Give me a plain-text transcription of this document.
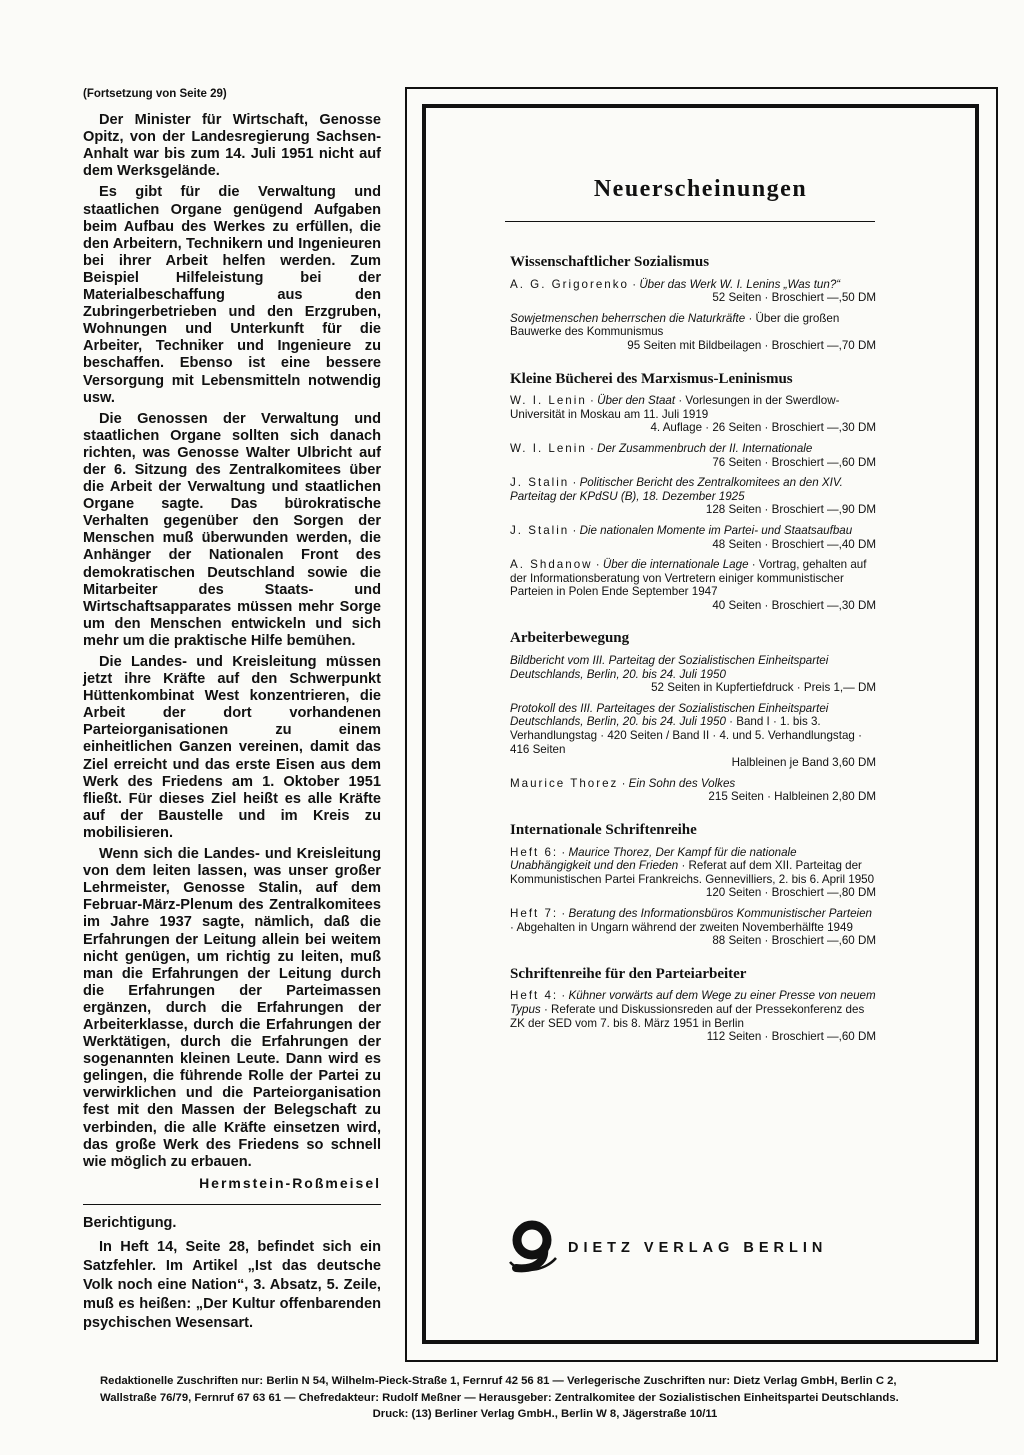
(Fortsetzung von Seite 29)

Der Minister für Wirtschaft, Genosse Opitz, von der Landesregierung Sachsen-Anhalt war bis zum 14. Juli 1951 nicht auf dem Werksgelände.

Es gibt für die Verwaltung und staatlichen Organe genügend Aufgaben beim Aufbau des Werkes zu erfüllen, die den Arbeitern, Technikern und Ingenieuren bei ihrer Arbeit helfen werden. Zum Beispiel Hilfeleistung bei der Materialbeschaffung aus den Zubringerbetrieben und den Erzgruben, Wohnungen und Unterkunft für die Arbeiter, Techniker und Ingenieure zu beschaffen. Ebenso ist eine bessere Versorgung mit Lebensmitteln notwendig usw.

Die Genossen der Verwaltung und staatlichen Organe sollten sich danach richten, was Genosse Walter Ulbricht auf der 6. Sitzung des Zentralkomitees über die Arbeit der Verwaltung und staatlichen Organe sagte. Das bürokratische Verhalten gegenüber den Sorgen der Menschen muß überwunden werden, die Anhänger der Nationalen Front des demokratischen Deutschland sowie die Mitarbeiter des Staats- und Wirtschaftsapparates müssen mehr Sorge um den Menschen entwickeln und sich mehr um die praktische Hilfe bemühen.

Die Landes- und Kreisleitung müssen jetzt ihre Kräfte auf den Schwerpunkt Hüttenkombinat West konzentrieren, die Arbeit der dort vorhandenen Parteiorganisationen zu einem einheitlichen Ganzen vereinen, damit das Ziel erreicht und das erste Eisen aus dem Werk des Friedens am 1. Oktober 1951 fließt. Für dieses Ziel heißt es alle Kräfte auf der Baustelle und im Kreis zu mobilisieren.

Wenn sich die Landes- und Kreisleitung von dem leiten lassen, was unser großer Lehrmeister, Genosse Stalin, auf dem Februar-März-Plenum des Zentralkomitees im Jahre 1937 sagte, nämlich, daß die Erfahrungen der Leitung allein bei weitem nicht genügen, um richtig zu leiten, muß man die Erfahrungen der Leitung durch die Erfahrungen der Parteimassen ergänzen, durch die Erfahrungen der Arbeiterklasse, durch die Erfahrungen der Werktätigen, durch die Erfahrungen der sogenannten kleinen Leute. Dann wird es gelingen, die führende Rolle der Partei zu verwirklichen und die Parteiorganisation fest mit den Massen der Belegschaft zu verbinden, die alle Kräfte einsetzen wird, das große Werk des Friedens so schnell wie möglich zu erbauen.

Hermstein-Roßmeisel
Berichtigung.

In Heft 14, Seite 28, befindet sich ein Satzfehler. Im Artikel „Ist das deutsche Volk noch eine Nation“, 3. Absatz, 5. Zeile, muß es heißen: „Der Kultur offenbarenden psychischen Wesensart.

Neuerscheinungen
Wissenschaftlicher Sozialismus
A. G. Grigorenko · Über das Werk W. I. Lenins „Was tun?“
52 Seiten · Broschiert —,50 DM
Sowjetmenschen beherrschen die Naturkräfte · Über die großen Bauwerke des Kommunismus
95 Seiten mit Bildbeilagen · Broschiert —,70 DM
Kleine Bücherei des Marxismus-Leninismus
W. I. Lenin · Über den Staat · Vorlesungen in der Swerdlow-Universität in Moskau am 11. Juli 1919
4. Auflage · 26 Seiten · Broschiert —,30 DM
W. I. Lenin · Der Zusammenbruch der II. Internationale
76 Seiten · Broschiert —,60 DM
J. Stalin · Politischer Bericht des Zentralkomitees an den XIV. Parteitag der KPdSU (B), 18. Dezember 1925
128 Seiten · Broschiert —,90 DM
J. Stalin · Die nationalen Momente im Partei- und Staatsaufbau
48 Seiten · Broschiert —,40 DM
A. Shdanow · Über die internationale Lage · Vortrag, gehalten auf der Informationsberatung von Vertretern einiger kommunistischer Parteien in Polen Ende September 1947
40 Seiten · Broschiert —,30 DM
Arbeiterbewegung
Bildbericht vom III. Parteitag der Sozialistischen Einheitspartei Deutschlands, Berlin, 20. bis 24. Juli 1950
52 Seiten in Kupfertiefdruck · Preis 1,— DM
Protokoll des III. Parteitages der Sozialistischen Einheitspartei Deutschlands, Berlin, 20. bis 24. Juli 1950 · Band I · 1. bis 3. Verhandlungstag · 420 Seiten / Band II · 4. und 5. Verhandlungstag · 416 Seiten
Halbleinen je Band 3,60 DM
Maurice Thorez · Ein Sohn des Volkes
215 Seiten · Halbleinen 2,80 DM
Internationale Schriftenreihe
Heft 6: · Maurice Thorez, Der Kampf für die nationale Unabhängigkeit und den Frieden · Referat auf dem XII. Parteitag der Kommunistischen Partei Frankreichs. Gennevilliers, 2. bis 6. April 1950
120 Seiten · Broschiert —,80 DM
Heft 7: · Beratung des Informationsbüros Kommunistischer Parteien · Abgehalten in Ungarn während der zweiten Novemberhälfte 1949
88 Seiten · Broschiert —,60 DM
Schriftenreihe für den Parteiarbeiter
Heft 4: · Kühner vorwärts auf dem Wege zu einer Presse von neuem Typus · Referate und Diskussionsreden auf der Pressekonferenz des ZK der SED vom 7. bis 8. März 1951 in Berlin
112 Seiten · Broschiert —,60 DM
DIETZ VERLAG BERLIN
Redaktionelle Zuschriften nur: Berlin N 54, Wilhelm-Pieck-Straße 1, Fernruf 42 56 81 — Verlegerische Zuschriften nur: Dietz Verlag GmbH, Berlin C 2,
Wallstraße 76/79, Fernruf 67 63 61 — Chefredakteur: Rudolf Meßner — Herausgeber: Zentralkomitee der Sozialistischen Einheitspartei Deutschlands.
Druck: (13) Berliner Verlag GmbH., Berlin W 8, Jägerstraße 10/11
